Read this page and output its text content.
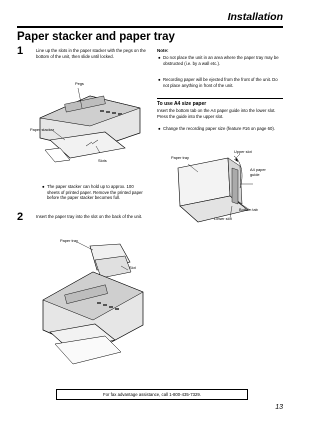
Installation
Paper stacker and paper tray
1	Line up the slots in the paper stacker with the pegs on the bottom of the unit, then slide until locked.
Pegs
Paper stacker
Slots
● The paper stacker can hold up to approx. 100 sheets of printed paper. Remove the printed paper before the paper stacker becomes full.
2	Insert the paper tray into the slot on the back of the unit.
Paper tray
Slot
Note:
● Do not place the unit in an area where the paper tray may be obstructed (i.e. by a wall etc.).
● Recording paper will be ejected from the front of the unit. Do not place anything in front of the unit.
To use A4 size paper
Insert the bottom tab on the A4 paper guide into the lower slot. Press the guide into the upper slot.
● Change the recording paper size (feature #16 on page 60).
Paper tray
Upper slot
A4 paper guide
Bottom tab
Lower slot
For fax advantage assistance, call 1-800-435-7329.
13
